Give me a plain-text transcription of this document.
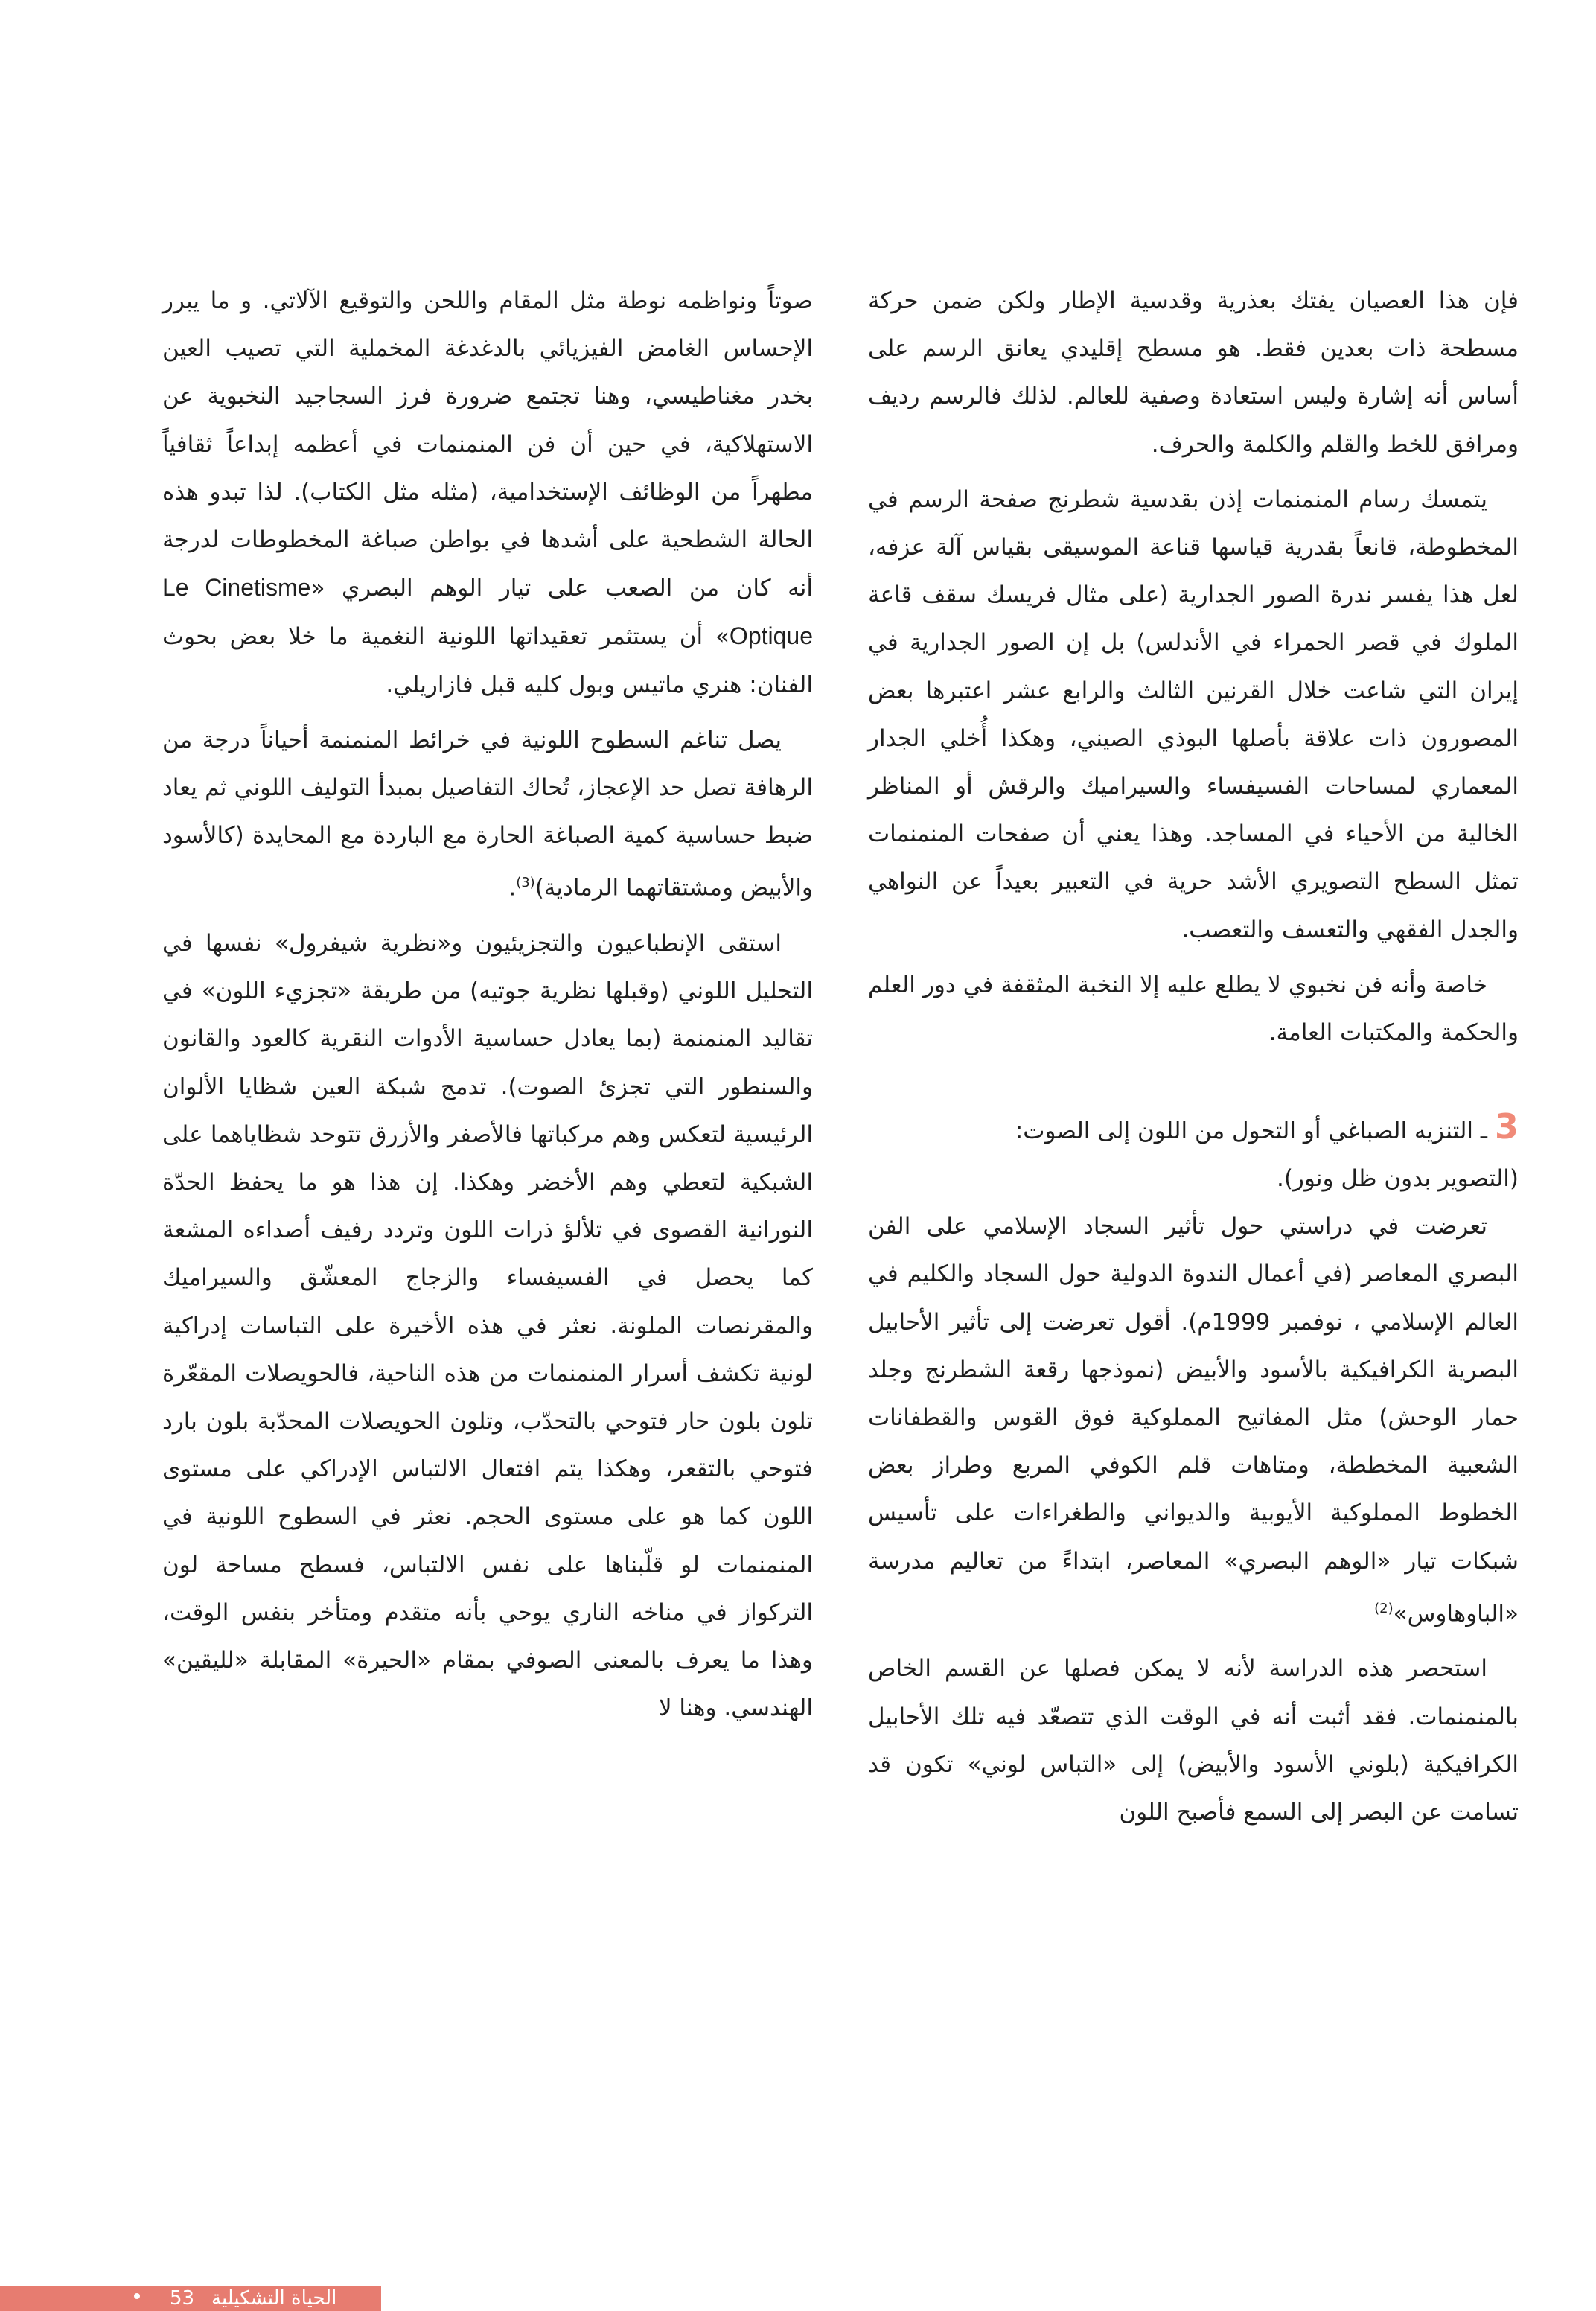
فإن هذا العصيان يفتك بعذرية وقدسية الإطار ولكن ضمن حركة مسطحة ذات بعدين فقط. هو مسطح إقليدي يعانق الرسم على أساس أنه إشارة وليس استعادة وصفية للعالم. لذلك فالرسم رديف ومرافق للخط والقلم والكلمة والحرف.

يتمسك رسام المنمنمات إذن بقدسية شطرنج صفحة الرسم في المخطوطة، قانعاً بقدرية قياسها قناعة الموسيقى بقياس آلة عزفه، لعل هذا يفسر ندرة الصور الجدارية (على مثال فريسك سقف قاعة الملوك في قصر الحمراء في الأندلس) بل إن الصور الجدارية في إيران التي شاعت خلال القرنين الثالث والرابع عشر اعتبرها بعض المصورون ذات علاقة بأصلها البوذي الصيني، وهكذا أُخلي الجدار المعماري لمساحات الفسيفساء والسيراميك والرقش أو المناظر الخالية من الأحياء في المساجد. وهذا يعني أن صفحات المنمنمات تمثل السطح التصويري الأشد حرية في التعبير بعيداً عن النواهي والجدل الفقهي والتعسف والتعصب.

خاصة وأنه فن نخبوي لا يطلع عليه إلا النخبة المثقفة في دور العلم والحكمة والمكتبات العامة.

3ـ التنزيه الصباغي أو التحول من اللون إلى الصوت:
(التصوير بدون ظل ونور).

تعرضت في دراستي حول تأثير السجاد الإسلامي على الفن البصري المعاصر (في أعمال الندوة الدولية حول السجاد والكليم في العالم الإسلامي ، نوفمبر 1999م). أقول تعرضت إلى تأثير الأحابيل البصرية الكرافيكية بالأسود والأبيض (نموذجها رقعة الشطرنج وجلد حمار الوحش) مثل المفاتيح المملوكية فوق القوس والقطفانات الشعبية المخططة، ومتاهات قلم الكوفي المربع وطراز بعض الخطوط المملوكية الأيوبية والديواني والطغراءات على تأسيس شبكات تيار «الوهم البصري» المعاصر، ابتداءً من تعاليم مدرسة «الباوهاوس»$^{(2)}$

استحصر هذه الدراسة لأنه لا يمكن فصلها عن القسم الخاص بالمنمنمات. فقد أثبت أنه في الوقت الذي تتصعّد فيه تلك الأحابيل الكرافيكية (بلوني الأسود والأبيض) إلى «التباس لوني» تكون قد تسامت عن البصر إلى السمع فأصبح اللون

صوتاً ونواظمه نوطة مثل المقام واللحن والتوقيع الآلاتي. و ما يبرر الإحساس الغامض الفيزيائي بالدغدغة المخملية التي تصيب العين بخدر مغناطيسي، وهنا تجتمع ضرورة فرز السجاجيد النخبوية عن الاستهلاكية، في حين أن فن المنمنمات في أعظمه إبداعاً ثقافياً مطهراً من الوظائف الإستخدامية، (مثله مثل الكتاب). لذا تبدو هذه الحالة الشطحية على أشدها في بواطن صباغة المخطوطات لدرجة أنه كان من الصعب على تيار الوهم البصري «Le Cinetisme Optique» أن يستثمر تعقيداتها اللونية النغمية ما خلا بعض بحوث الفنان: هنري ماتيس وبول كليه قبل فازاريلي.

يصل تناغم السطوح اللونية في خرائط المنمنمة أحياناً درجة من الرهافة تصل حد الإعجاز، تُحاك التفاصيل بمبدأ التوليف اللوني ثم يعاد ضبط حساسية كمية الصباغة الحارة مع الباردة مع المحايدة (كالأسود والأبيض ومشتقاتهما الرمادية)$^{(3)}$.

استقى الإنطباعيون والتجزيئيون و«نظرية شيفرول» نفسها في التحليل اللوني (وقبلها نظرية جوتيه) من طريقة «تجزيء اللون» في تقاليد المنمنمة (بما يعادل حساسية الأدوات النقرية كالعود والقانون والسنطور التي تجزئ الصوت). تدمج شبكة العين شظايا الألوان الرئيسية لتعكس وهم مركباتها فالأصفر والأزرق تتوحد شظاياهما على الشبكية لتعطي وهم الأخضر وهكذا. إن هذا هو ما يحفظ الحدّة النورانية القصوى في تلألؤ ذرات اللون وتردد رفيف أصداءه المشعة كما يحصل في الفسيفساء والزجاج المعشّق والسيراميك والمقرنصات الملونة. نعثر في هذه الأخيرة على التباسات إدراكية لونية تكشف أسرار المنمنمات من هذه الناحية، فالحويصلات المقعّرة تلون بلون حار فتوحي بالتحدّب، وتلون الحويصلات المحدّبة بلون بارد فتوحي بالتقعر، وهكذا يتم افتعال الالتباس الإدراكي على مستوى اللون كما هو على مستوى الحجم. نعثر في السطوح اللونية في المنمنمات لو قلّبناها على نفس الالتباس، فسطح مساحة لون التركواز في مناخه الناري يوحي بأنه متقدم ومتأخر بنفس الوقت، وهذا ما يعرف بالمعنى الصوفي بمقام «الحيرة» المقابلة «لليقين» الهندسي. وهنا لا

53 الحياة التشكيلية
